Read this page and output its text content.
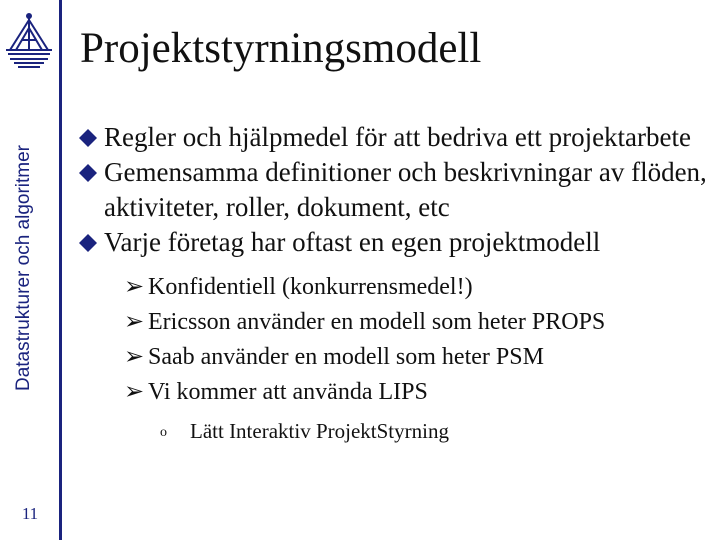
Datastrukturer och algoritmer
11
Projektstyrningsmodell
Regler och hjälpmedel för att bedriva ett projektarbete
Gemensamma definitioner och beskrivningar av flöden, aktiviteter, roller, dokument, etc
Varje företag har oftast en egen projektmodell
➢ Konfidentiell (konkurrensmedel!)
➢ Ericsson använder en modell som heter PROPS
➢ Saab använder en modell som heter PSM
➢ Vi kommer att använda LIPS
o Lätt Interaktiv ProjektStyrning
